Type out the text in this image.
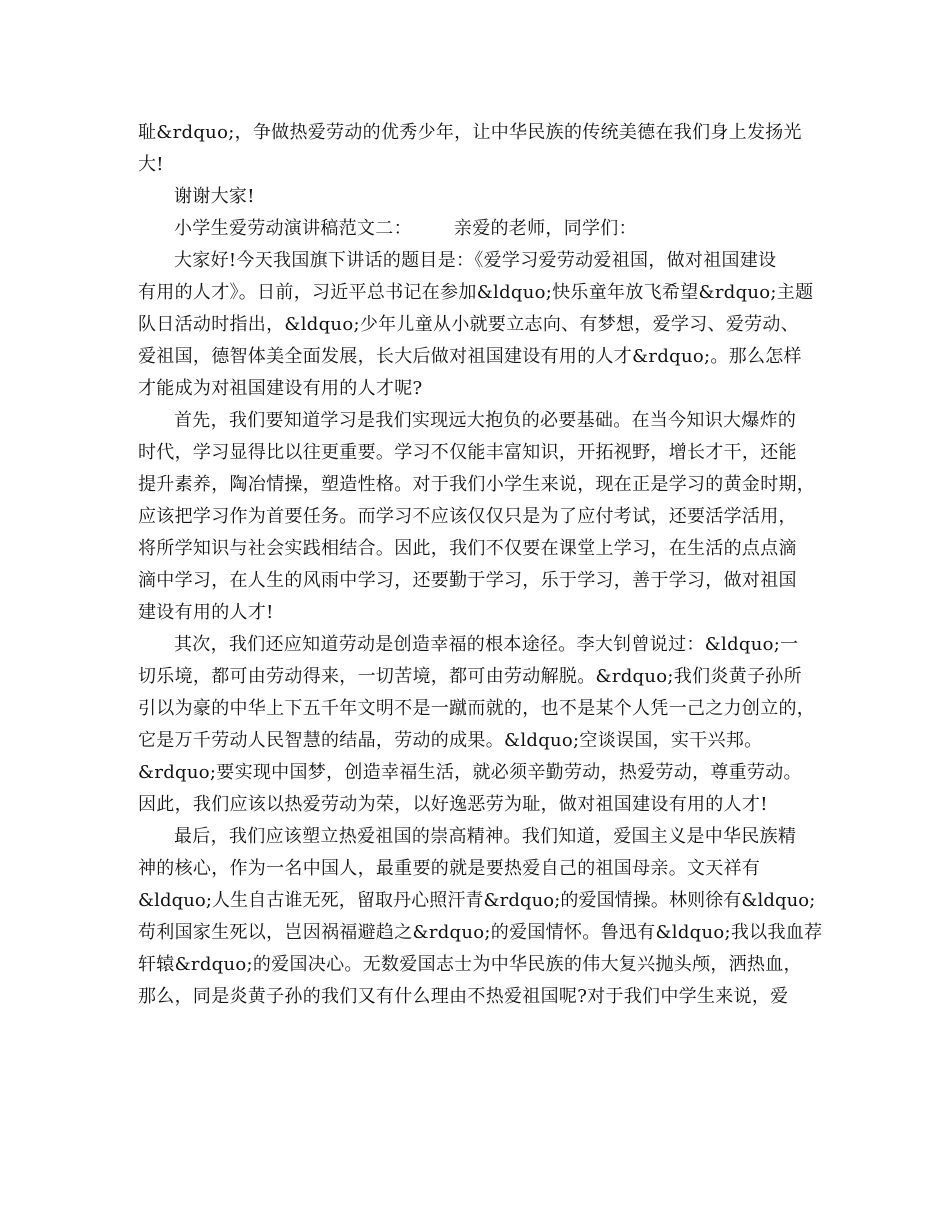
耻&rdquo;，争做热爱劳动的优秀少年，让中华民族的传统美德在我们身上发扬光
大!
谢谢大家!
小学生爱劳动演讲稿范文二： 亲爱的老师，同学们：
大家好!今天我国旗下讲话的题目是：《爱学习爱劳动爱祖国，做对祖国建设
有用的人才》。日前，习近平总书记在参加&ldquo;快乐童年放飞希望&rdquo;主题
队日活动时指出，&ldquo;少年儿童从小就要立志向、有梦想，爱学习、爱劳动、
爱祖国，德智体美全面发展，长大后做对祖国建设有用的人才&rdquo;。那么怎样
才能成为对祖国建设有用的人才呢?
首先，我们要知道学习是我们实现远大抱负的必要基础。在当今知识大爆炸的
时代，学习显得比以往更重要。学习不仅能丰富知识，开拓视野，增长才干，还能
提升素养，陶冶情操，塑造性格。对于我们小学生来说，现在正是学习的黄金时期，
应该把学习作为首要任务。而学习不应该仅仅只是为了应付考试，还要活学活用，
将所学知识与社会实践相结合。因此，我们不仅要在课堂上学习，在生活的点点滴
滴中学习，在人生的风雨中学习，还要勤于学习，乐于学习，善于学习，做对祖国
建设有用的人才!
其次，我们还应知道劳动是创造幸福的根本途径。李大钊曾说过：&ldquo;一
切乐境，都可由劳动得来，一切苦境，都可由劳动解脱。&rdquo;我们炎黄子孙所
引以为豪的中华上下五千年文明不是一蹴而就的，也不是某个人凭一己之力创立的，
它是万千劳动人民智慧的结晶，劳动的成果。&ldquo;空谈误国，实干兴邦。
&rdquo;要实现中国梦，创造幸福生活，就必须辛勤劳动，热爱劳动，尊重劳动。
因此，我们应该以热爱劳动为荣，以好逸恶劳为耻，做对祖国建设有用的人才!
最后，我们应该塑立热爱祖国的崇高精神。我们知道，爱国主义是中华民族精
神的核心，作为一名中国人，最重要的就是要热爱自己的祖国母亲。文天祥有
&ldquo;人生自古谁无死，留取丹心照汗青&rdquo;的爱国情操。林则徐有&ldquo;
苟利国家生死以，岂因祸福避趋之&rdquo;的爱国情怀。鲁迅有&ldquo;我以我血荐
轩辕&rdquo;的爱国决心。无数爱国志士为中华民族的伟大复兴抛头颅，洒热血，
那么，同是炎黄子孙的我们又有什么理由不热爱祖国呢?对于我们中学生来说，爱
